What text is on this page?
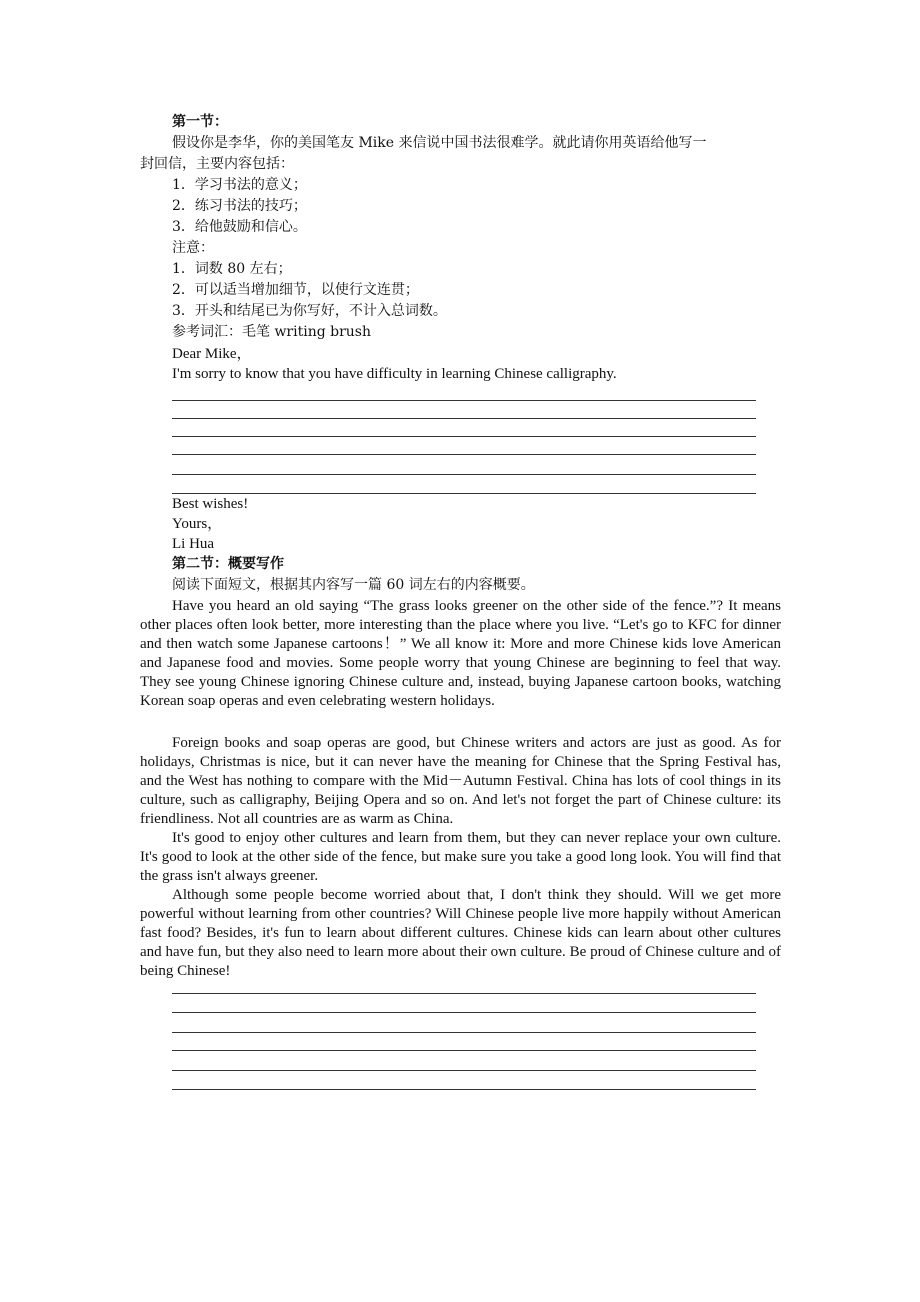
第一节：
假设你是李华，你的美国笔友 Mike 来信说中国书法很难学。就此请你用英语给他写一
封回信，主要内容包括：
1．学习书法的意义；
2．练习书法的技巧；
3．给他鼓励和信心。
注意：
1．词数 80 左右；
2．可以适当增加细节，以使行文连贯；
3．开头和结尾已为你写好，不计入总词数。
参考词汇：毛笔 writing brush
Dear Mike，
I'm sorry to know that you have difficulty in learning Chinese calligraphy.
Best wishes!
Yours，
Li Hua
第二节：概要写作
阅读下面短文，根据其内容写一篇 60 词左右的内容概要。

Have you heard an old saying “The grass looks greener on the other side of the fence.”? It means other places often look better, more interesting than the place where you live. “Let's go to KFC for dinner and then watch some Japanese cartoons！” We all know it: More and more Chinese kids love American and Japanese food and movies. Some people worry that young Chinese are beginning to feel that way. They see young Chinese ignoring Chinese culture and, instead, buying Japanese cartoon books, watching Korean soap operas and even celebrating western holidays.

Foreign books and soap operas are good, but Chinese writers and actors are just as good. As for holidays, Christmas is nice, but it can never have the meaning for Chinese that the Spring Festival has, and the West has nothing to compare with the Mid－Autumn Festival. China has lots of cool things in its culture, such as calligraphy, Beijing Opera and so on. And let's not forget the part of Chinese culture: its friendliness. Not all countries are as warm as China.

It's good to enjoy other cultures and learn from them, but they can never replace your own culture. It's good to look at the other side of the fence, but make sure you take a good long look. You will find that the grass isn't always greener.

Although some people become worried about that, I don't think they should. Will we get more powerful without learning from other countries? Will Chinese people live more happily without American fast food? Besides, it's fun to learn about different cultures. Chinese kids can learn about other cultures and have fun, but they also need to learn more about their own culture. Be proud of Chinese culture and of being Chinese!
